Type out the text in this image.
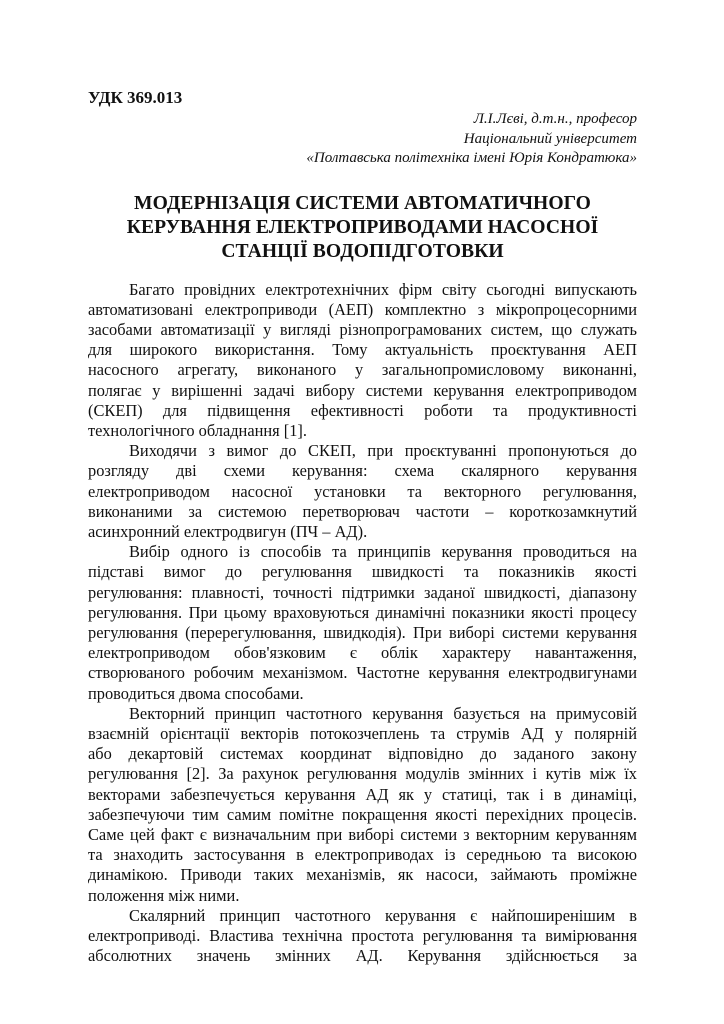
УДК 369.013

Л.І.Лєві, д.т.н., професор
Національний університет
«Полтавська політехніка імені Юрія Кондратюка»
МОДЕРНІЗАЦІЯ СИСТЕМИ АВТОМАТИЧНОГО
КЕРУВАННЯ ЕЛЕКТРОПРИВОДАМИ НАСОСНОЇ
СТАНЦІЇ ВОДОПІДГОТОВКИ
Багато провідних електротехнічних фірм світу сьогодні випускають
автоматизовані електроприводи (АЕП) комплектно з мікропроцесорними
засобами автоматизації у вигляді різнопрограмованих систем, що служать
для широкого використання. Тому актуальність проєктування АЕП
насосного агрегату, виконаного у загальнопромисловому виконанні,
полягає у вирішенні задачі вибору системи керування електроприводом
(СКЕП) для підвищення ефективності роботи та продуктивності
технологічного обладнання [1].
Виходячи з вимог до СКЕП, при проєктуванні пропонуються до
розгляду дві схеми керування: схема скалярного керування
електроприводом насосної установки та векторного регулювання,
виконаними за системою перетворювач частоти – короткозамкнутий
асинхронний електродвигун (ПЧ – АД).
Вибір одного із способів та принципів керування проводиться на
підставі вимог до регулювання швидкості та показників якості
регулювання: плавності, точності підтримки заданої швидкості, діапазону
регулювання. При цьому враховуються динамічні показники якості процесу
регулювання (перерегулювання, швидкодія). При виборі системи керування
електроприводом обов'язковим є облік характеру навантаження,
створюваного робочим механізмом. Частотне керування електродвигунами
проводиться двома способами.
Векторний принцип частотного керування базується на примусовій
взаємній орієнтації векторів потокозчеплень та струмів АД у полярній
або декартовій системах координат відповідно до заданого закону
регулювання [2]. За рахунок регулювання модулів змінних і кутів між їх
векторами забезпечується керування АД як у статиці, так і в динаміці,
забезпечуючи тим самим помітне покращення якості перехідних процесів.
Саме цей факт є визначальним при виборі системи з векторним керуванням
та знаходить застосування в електроприводах із середньою та високою
динамікою. Приводи таких механізмів, як насоси, займають проміжне
положення між ними.
Скалярний принцип частотного керування є найпоширенішим в
електроприводі. Властива технічна простота регулювання та вимірювання
абсолютних значень змінних АД. Керування здійснюється за
